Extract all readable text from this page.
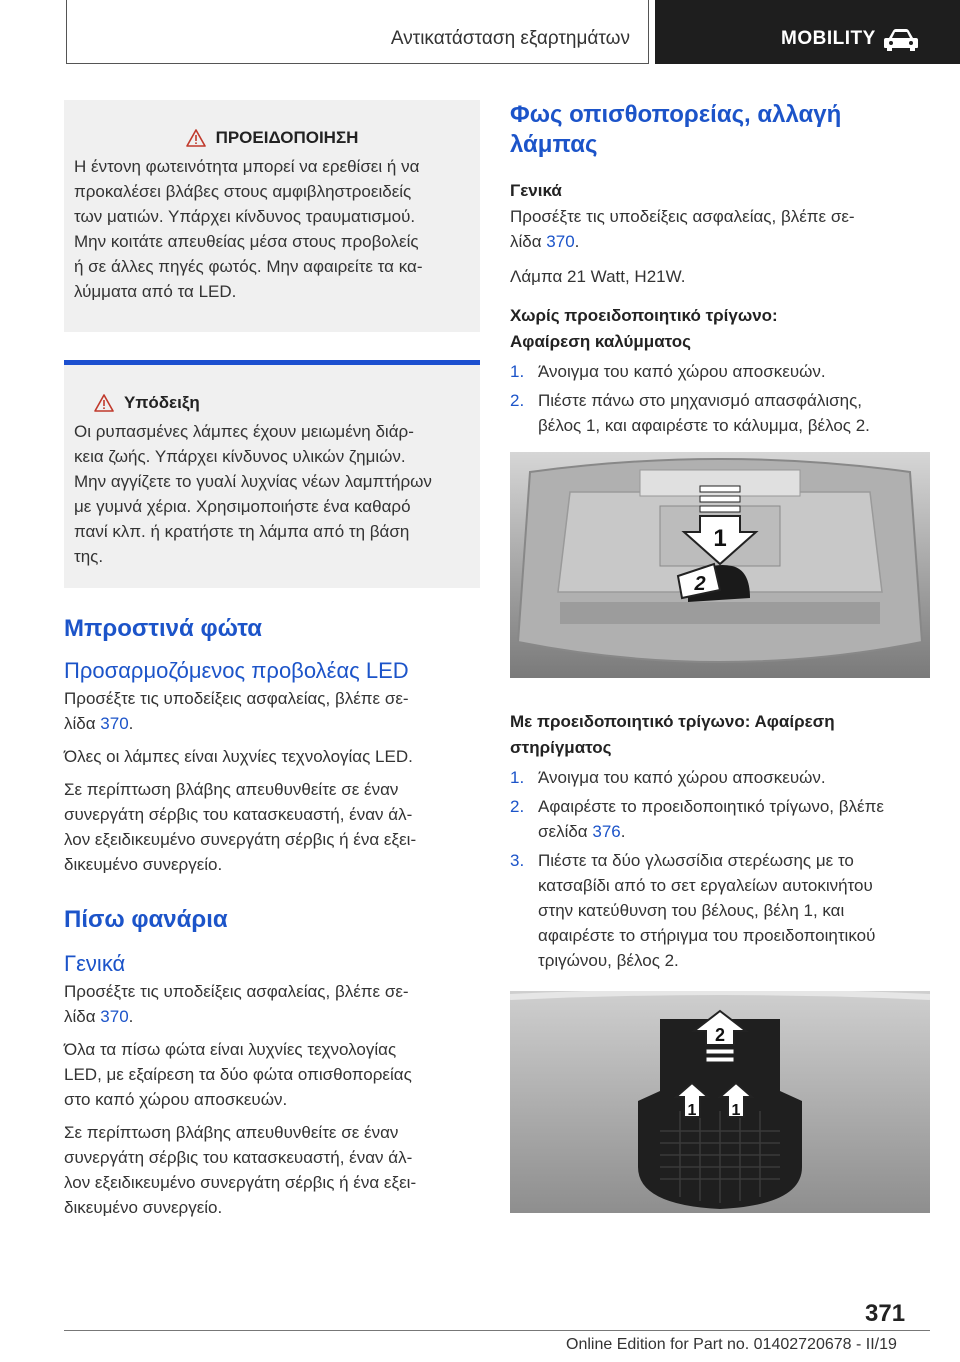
Αντικατάσταση εξαρτημάτων	MOBILITY
ΠΡΟΕΙΔΟΠΟΙΗΣΗ
Η έντονη φωτεινότητα μπορεί να ερεθίσει ή να
προκαλέσει βλάβες στους αμφιβληστροειδείς
των ματιών. Υπάρχει κίνδυνος τραυματισμού.
Μην κοιτάτε απευθείας μέσα στους προβολείς
ή σε άλλες πηγές φωτός. Μην αφαιρείτε τα κα-
λύμματα από τα LED.
Υπόδειξη
Οι ρυπασμένες λάμπες έχουν μειωμένη διάρ-
κεια ζωής. Υπάρχει κίνδυνος υλικών ζημιών.
Μην αγγίζετε το γυαλί λυχνίας νέων λαμπτήρων
με γυμνά χέρια. Χρησιμοποιήστε ένα καθαρό
πανί κλπ. ή κρατήστε τη λάμπα από τη βάση
της.
Μπροστινά φώτα
Προσαρμοζόμενος προβολέας LED
Προσέξτε τις υποδείξεις ασφαλείας, βλέπε σε-
λίδα 370.
Όλες οι λάμπες είναι λυχνίες τεχνολογίας LED.
Σε περίπτωση βλάβης απευθυνθείτε σε έναν
συνεργάτη σέρβις του κατασκευαστή, έναν άλ-
λον εξειδικευμένο συνεργάτη σέρβις ή ένα εξει-
δικευμένο συνεργείο.
Πίσω φανάρια
Γενικά
Προσέξτε τις υποδείξεις ασφαλείας, βλέπε σε-
λίδα 370.
Όλα τα πίσω φώτα είναι λυχνίες τεχνολογίας
LED, με εξαίρεση τα δύο φώτα οπισθοπορείας
στο καπό χώρου αποσκευών.
Σε περίπτωση βλάβης απευθυνθείτε σε έναν
συνεργάτη σέρβις του κατασκευαστή, έναν άλ-
λον εξειδικευμένο συνεργάτη σέρβις ή ένα εξει-
δικευμένο συνεργείο.
Φως οπισθοπορείας, αλλαγή
λάμπας
Γενικά
Προσέξτε τις υποδείξεις ασφαλείας, βλέπε σε-
λίδα 370.
Λάμπα 21 Watt, H21W.
Χωρίς προειδοποιητικό τρίγωνο:
Αφαίρεση καλύμματος
1. Άνοιγμα του καπό χώρου αποσκευών.
2. Πιέστε πάνω στο μηχανισμό απασφάλισης,
βέλος 1, και αφαιρέστε το κάλυμμα, βέλος 2.
1
2
Με προειδοποιητικό τρίγωνο: Αφαίρεση
στηρίγματος
1. Άνοιγμα του καπό χώρου αποσκευών.
2. Αφαιρέστε το προειδοποιητικό τρίγωνο, βλέπε
σελίδα 376.
3. Πιέστε τα δύο γλωσσίδια στερέωσης με το
κατσαβίδι από το σετ εργαλείων αυτοκινήτου
στην κατεύθυνση του βέλους, βέλη 1, και
αφαιρέστε το στήριγμα του προειδοποιητικού
τριγώνου, βέλος 2.
2
1 1
371
Online Edition for Part no. 01402720678 - II/19
